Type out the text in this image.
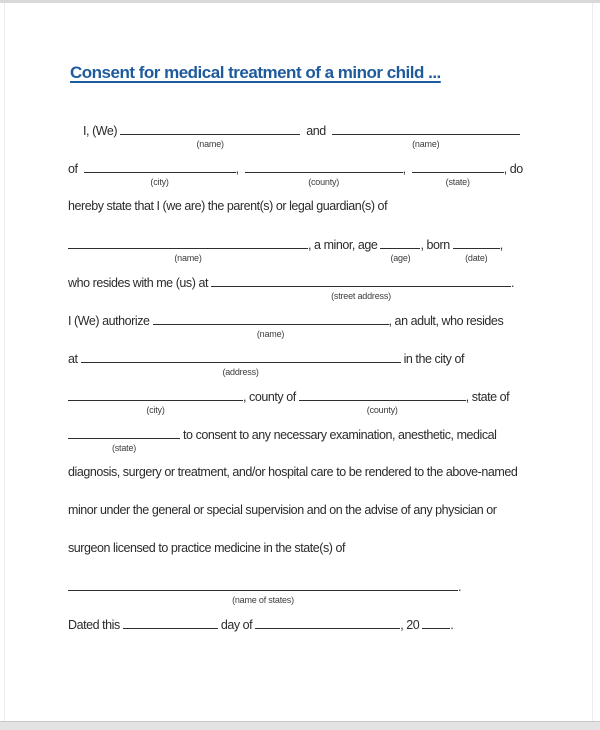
Consent for medical treatment of a minor child ...
I, (We)
(name)
and
(name)
of
(city)
,
(county)
,
(state)
, do
hereby state that I (we are) the parent(s) or legal guardian(s) of
(name)
, a minor, age
(age)
, born
(date)
,
who resides with me (us) at
(street address)
.
I (We) authorize
(name)
, an adult, who resides
at
(address)
in the city of
(city)
, county of
(county)
, state of
(state)
to consent to any necessary examination, anesthetic, medical
diagnosis, surgery or treatment, and/or hospital care to be rendered to the above-named
minor under the general or special supervision and on the advise of any physician or
surgeon licensed to practice medicine in the state(s) of
(name of states)
.
Dated this	day of	, 20 .
